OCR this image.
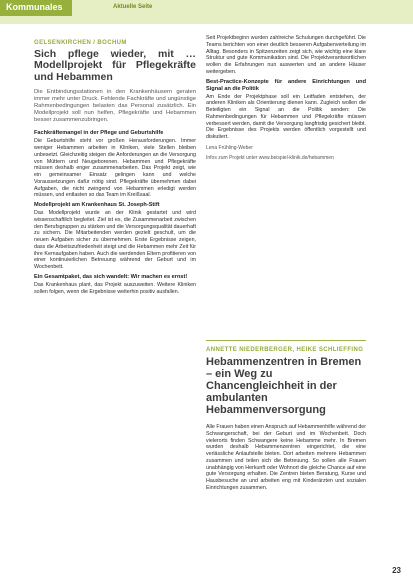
Kommunales	Aktuelle Seite
GELSENKIRCHEN / BOCHUM
Sich pflege wieder, mit … Modellprojekt für Pflegekräfte und Hebammen
Die Entbindungsstationen in den Krankenhäusern geraten immer mehr unter Druck. Fehlende Fachkräfte und ungünstige Rahmenbedingungen belasten das Personal zusätzlich. Ein Modellprojekt soll nun helfen, Pflegekräfte und Hebammen besser zusammenzubringen.
Fachkräftemangel in der Pflege und Geburtshilfe

Die Geburtshilfe steht vor großen Herausforderungen. Immer weniger Hebammen arbeiten in Kliniken, viele Stellen bleiben unbesetzt. Gleichzeitig steigen die Anforderungen an die Versorgung von Müttern und Neugeborenen. Hebammen und Pflegekräfte müssen deshalb enger zusammenarbeiten. Das Projekt zeigt, wie ein gemeinsamer Einsatz gelingen kann und welche Voraussetzungen dafür nötig sind. Pflegekräfte übernehmen dabei Aufgaben, die nicht zwingend von Hebammen erledigt werden müssen, und entlasten so das Team im Kreißsaal.

Modellprojekt am Krankenhaus St. Joseph-Stift

Das Modellprojekt wurde an der Klinik gestartet und wird wissenschaftlich begleitet. Ziel ist es, die Zusammenarbeit zwischen den Berufsgruppen zu stärken und die Versorgungsqualität dauerhaft zu sichern. Die Mitarbeitenden werden gezielt geschult, um die neuen Aufgaben sicher zu übernehmen. Erste Ergebnisse zeigen, dass die Arbeitszufriedenheit steigt und die Hebammen mehr Zeit für ihre Kernaufgaben haben. Auch die werdenden Eltern profitieren von einer kontinuierlichen Betreuung während der Geburt und im Wochenbett.

Ein Gesamtpaket, das sich wandelt: Wir machen es ernst!

Das Krankenhaus plant, das Projekt auszuweiten. Weitere Kliniken sollen folgen, wenn die Ergebnisse weiterhin positiv ausfallen.

Seit Projektbeginn wurden zahlreiche Schulungen durchgeführt. Die Teams berichten von einer deutlich besseren Aufgabenverteilung im Alltag. Besonders in Spitzenzeiten zeigt sich, wie wichtig eine klare Struktur und gute Kommunikation sind. Die Projektverantwortlichen wollen die Erfahrungen nun auswerten und an andere Häuser weitergeben.

Best-Practice-Konzepte für andere Einrichtungen und Signal an die Politik

Am Ende der Projektphase soll ein Leitfaden entstehen, der anderen Kliniken als Orientierung dienen kann. Zugleich wollen die Beteiligten ein Signal an die Politik senden: Die Rahmenbedingungen für Hebammen und Pflegekräfte müssen verbessert werden, damit die Versorgung langfristig gesichert bleibt. Die Ergebnisse des Projekts werden öffentlich vorgestellt und diskutiert.

Lena Frühling-Weber
Infos zum Projekt unter www.beispiel-klinik.de/hebammen
ANNETTE NIEDERBERGER, HEIKE SCHLIEFFING
Hebammenzentren in Bremen – ein Weg zu Chancengleichheit in der ambulanten Hebammenversorgung
Alle Frauen haben einen Anspruch auf Hebammenhilfe während der Schwangerschaft, bei der Geburt und im Wochenbett. Doch vielerorts finden Schwangere keine Hebamme mehr. In Bremen wurden deshalb Hebammenzentren eingerichtet, die eine verlässliche Anlaufstelle bieten. Dort arbeiten mehrere Hebammen zusammen und teilen sich die Betreuung. So sollen alle Frauen unabhängig von Herkunft oder Wohnort die gleiche Chance auf eine gute Versorgung erhalten. Die Zentren bieten Beratung, Kurse und Hausbesuche an und arbeiten eng mit Kinderärzten und sozialen Einrichtungen zusammen.
23
